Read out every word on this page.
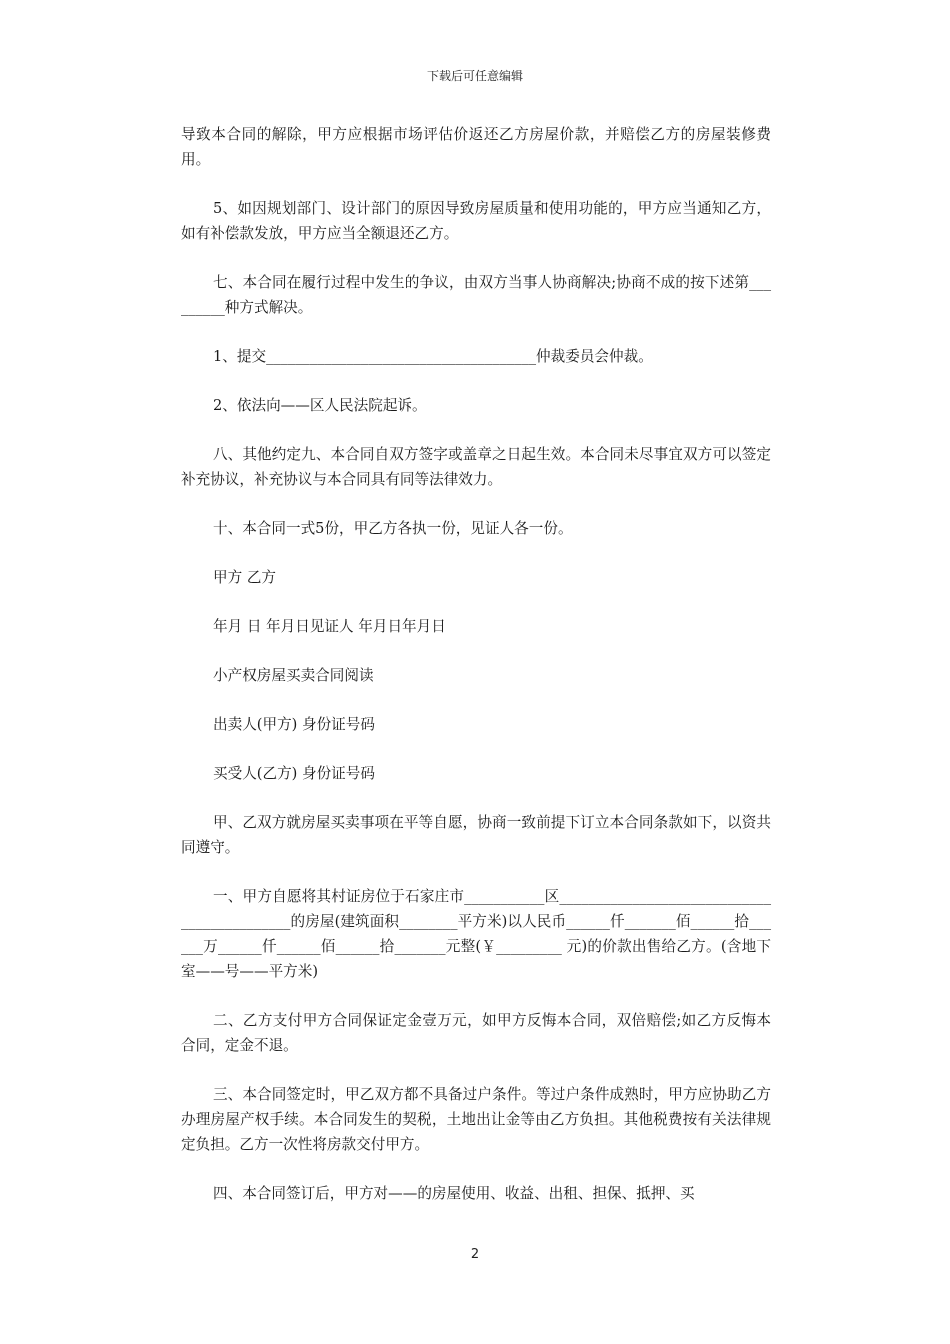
下载后可任意编辑

导致本合同的解除，甲方应根据市场评估价返还乙方房屋价款，并赔偿乙方的房屋装修费用。

5、如因规划部门、设计部门的原因导致房屋质量和使用功能的，甲方应当通知乙方，如有补偿款发放，甲方应当全额退还乙方。

七、本合同在履行过程中发生的争议，由双方当事人协商解决;协商不成的按下述第_________种方式解决。

1、提交_____________________________________仲裁委员会仲裁。

2、依法向——区人民法院起诉。

八、其他约定九、本合同自双方签字或盖章之日起生效。本合同未尽事宜双方可以签定补充协议，补充协议与本合同具有同等法律效力。

十、本合同一式5份，甲乙方各执一份，见证人各一份。

甲方 乙方

年月 日 年月日见证人 年月日年月日

小产权房屋买卖合同阅读

出卖人(甲方) 身份证号码

买受人(乙方) 身份证号码

甲、乙双方就房屋买卖事项在平等自愿，协商一致前提下订立本合同条款如下，以资共同遵守。

一、甲方自愿将其村证房位于石家庄市___________区____________________________________________的房屋(建筑面积________平方米)以人民币______仟_______佰______拾______万______仟______佰______拾_______元整(￥_________ 元)的价款出售给乙方。(含地下室——号——平方米)

二、乙方支付甲方合同保证定金壹万元，如甲方反悔本合同，双倍赔偿;如乙方反悔本合同，定金不退。

三、本合同签定时，甲乙双方都不具备过户条件。等过户条件成熟时，甲方应协助乙方办理房屋产权手续。本合同发生的契税，土地出让金等由乙方负担。其他税费按有关法律规定负担。乙方一次性将房款交付甲方。

四、本合同签订后，甲方对——的房屋使用、收益、出租、担保、抵押、买

2
